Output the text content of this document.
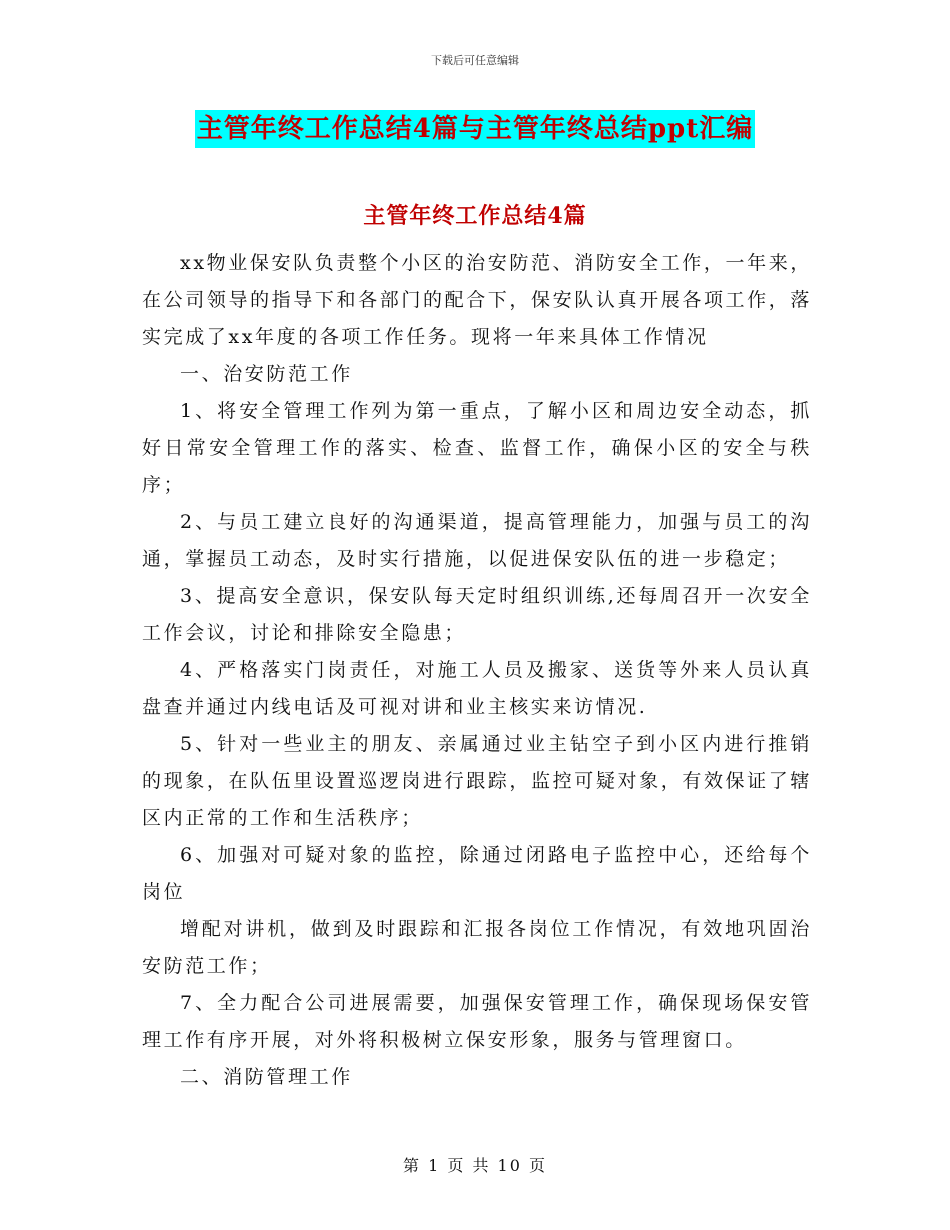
下载后可任意编辑
主管年终工作总结4篇与主管年终总结ppt汇编
主管年终工作总结4篇

xx物业保安队负责整个小区的治安防范、消防安全工作，一年来，在公司领导的指导下和各部门的配合下，保安队认真开展各项工作，落实完成了xx年度的各项工作任务。现将一年来具体工作情况

一、治安防范工作

1、将安全管理工作列为第一重点，了解小区和周边安全动态，抓好日常安全管理工作的落实、检查、监督工作，确保小区的安全与秩序；

2、与员工建立良好的沟通渠道，提高管理能力，加强与员工的沟通，掌握员工动态，及时实行措施，以促进保安队伍的进一步稳定；

3、提高安全意识，保安队每天定时组织训练,还每周召开一次安全工作会议，讨论和排除安全隐患；

4、严格落实门岗责任，对施工人员及搬家、送货等外来人员认真盘查并通过内线电话及可视对讲和业主核实来访情况.

5、针对一些业主的朋友、亲属通过业主钻空子到小区内进行推销的现象，在队伍里设置巡逻岗进行跟踪，监控可疑对象，有效保证了辖区内正常的工作和生活秩序；

6、加强对可疑对象的监控，除通过闭路电子监控中心，还给每个岗位

增配对讲机，做到及时跟踪和汇报各岗位工作情况，有效地巩固治安防范工作；

7、全力配合公司进展需要，加强保安管理工作，确保现场保安管理工作有序开展，对外将积极树立保安形象，服务与管理窗口。

二、消防管理工作

第 1 页 共 10 页
